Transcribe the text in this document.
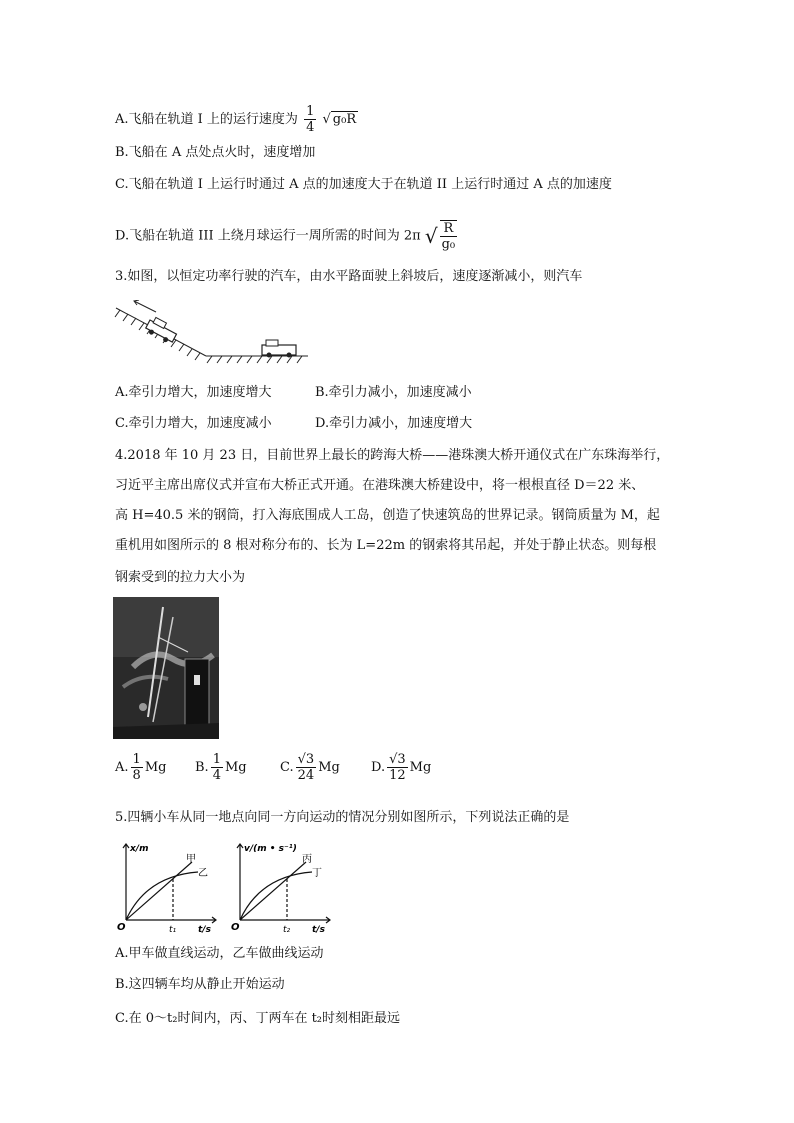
A.飞船在轨道 I 上的运行速度为 $\frac{1}{4}$ √ g₀R
B.飞船在 A 点处点火时，速度增加
C.飞船在轨道 I 上运行时通过 A 点的加速度大于在轨道 II 上运行时通过 A 点的加速度
D.飞船在轨道 III 上绕月球运行一周所需的时间为 2π √ $\frac{R}{\text{g₀}}$
3.如图，以恒定功率行驶的汽车，由水平路面驶上斜坡后，速度逐渐减小，则汽车
A.牵引力增大，加速度增大	B.牵引力减小，加速度减小
C.牵引力增大，加速度减小	D.牵引力减小，加速度增大
4.2018 年 10 月 23 日，目前世界上最长的跨海大桥——港珠澳大桥开通仪式在广东珠海举行，
习近平主席出席仪式并宣布大桥正式开通。在港珠澳大桥建设中，将一根根直径 D＝22 米、
高 H=40.5 米的钢筒，打入海底围成人工岛，创造了快速筑岛的世界记录。钢筒质量为 M，起
重机用如图所示的 8 根对称分布的、长为 L=22m 的钢索将其吊起，并处于静止状态。则每根
钢索受到的拉力大小为
A. $\frac{1}{8}$ Mg B. $\frac{1}{4}$ Mg	C. $\frac{√3}{24}$ Mg D. $\frac{√3}{12}$ Mg
5.四辆小车从同一地点向同一方向运动的情况分别如图所示，下列说法正确的是
O
x/m
t/s
t₁
甲
乙
O
v/(m • s⁻¹)
t/s
t₂
丙
丁
A.甲车做直线运动，乙车做曲线运动
B.这四辆车均从静止开始运动
C.在 0～t₂时间内，丙、丁两车在 t₂时刻相距最远
